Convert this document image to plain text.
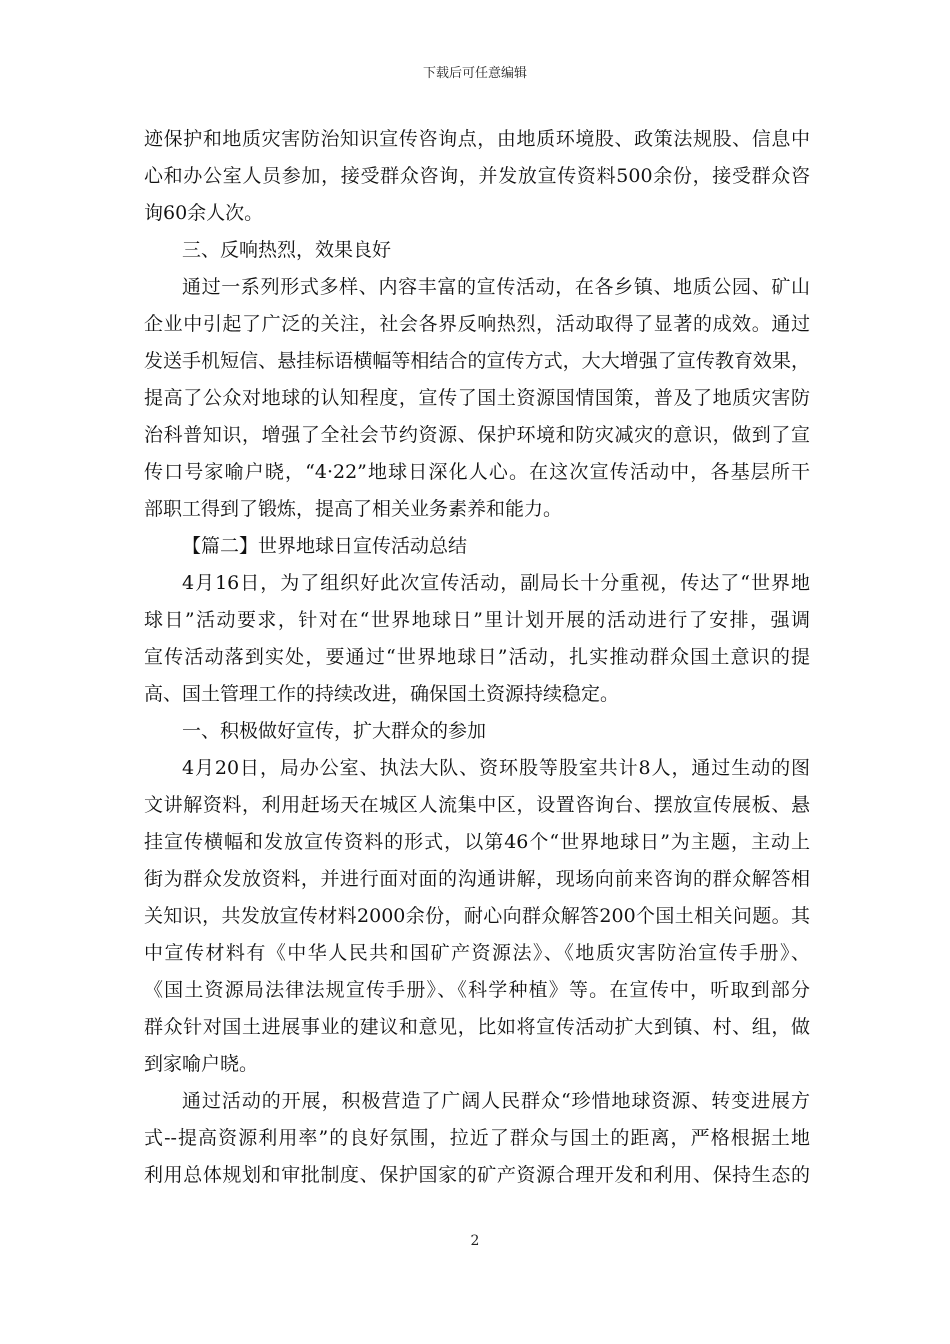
下载后可任意编辑
迹保护和地质灾害防治知识宣传咨询点，由地质环境股、政策法规股、信息中
心和办公室人员参加，接受群众咨询，并发放宣传资料500余份，接受群众咨
询60余人次。
三、反响热烈，效果良好
通过一系列形式多样、内容丰富的宣传活动，在各乡镇、地质公园、矿山
企业中引起了广泛的关注，社会各界反响热烈，活动取得了显著的成效。通过
发送手机短信、悬挂标语横幅等相结合的宣传方式，大大增强了宣传教育效果，
提高了公众对地球的认知程度，宣传了国土资源国情国策，普及了地质灾害防
治科普知识，增强了全社会节约资源、保护环境和防灾减灾的意识，做到了宣
传口号家喻户晓，“4·22”地球日深化人心。在这次宣传活动中，各基层所干
部职工得到了锻炼，提高了相关业务素养和能力。
【篇二】世界地球日宣传活动总结
4月16日，为了组织好此次宣传活动，副局长十分重视，传达了“世界地
球日”活动要求，针对在“世界地球日”里计划开展的活动进行了安排，强调
宣传活动落到实处，要通过“世界地球日”活动，扎实推动群众国土意识的提
高、国土管理工作的持续改进，确保国土资源持续稳定。
一、积极做好宣传，扩大群众的参加
4月20日，局办公室、执法大队、资环股等股室共计8人，通过生动的图
文讲解资料，利用赶场天在城区人流集中区，设置咨询台、摆放宣传展板、悬
挂宣传横幅和发放宣传资料的形式，以第46个“世界地球日”为主题，主动上
街为群众发放资料，并进行面对面的沟通讲解，现场向前来咨询的群众解答相
关知识，共发放宣传材料2000余份，耐心向群众解答200个国土相关问题。其
中宣传材料有《中华人民共和国矿产资源法》、《地质灾害防治宣传手册》、
《国土资源局法律法规宣传手册》、《科学种植》等。在宣传中，听取到部分
群众针对国土进展事业的建议和意见，比如将宣传活动扩大到镇、村、组，做
到家喻户晓。
通过活动的开展，积极营造了广阔人民群众“珍惜地球资源、转变进展方
式--提高资源利用率”的良好氛围，拉近了群众与国土的距离，严格根据土地
利用总体规划和审批制度、保护国家的矿产资源合理开发和利用、保持生态的
2
